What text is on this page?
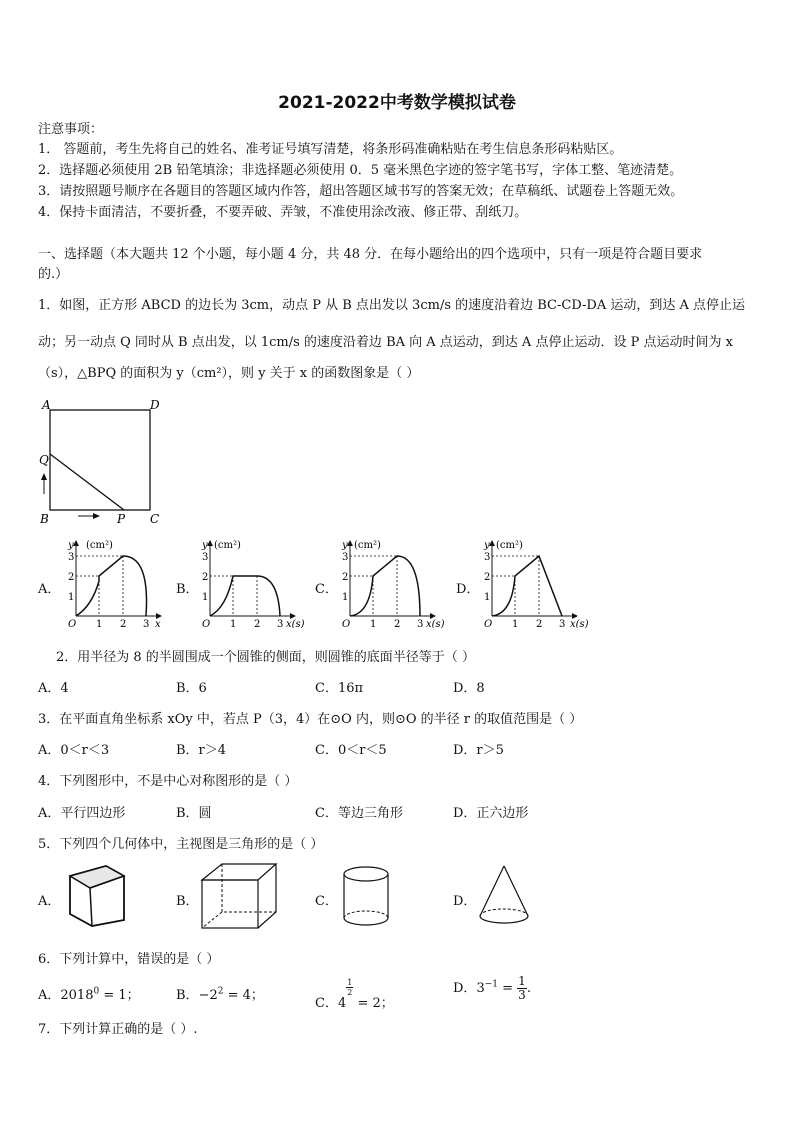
2021-2022中考数学模拟试卷
注意事项：
1． 答题前，考生先将自己的姓名、准考证号填写清楚，将条形码准确粘贴在考生信息条形码粘贴区。
2．选择题必须使用 2B 铅笔填涂；非选择题必须使用 0．5 毫米黑色字迹的签字笔书写，字体工整、笔迹清楚。
3．请按照题号顺序在各题目的答题区域内作答，超出答题区域书写的答案无效；在草稿纸、试题卷上答题无效。
4．保持卡面清洁，不要折叠，不要弄破、弄皱，不准使用涂改液、修正带、刮纸刀。
一、选择题（本大题共 12 个小题，每小题 4 分，共 48 分．在每小题给出的四个选项中，只有一项是符合题目要求
的.）
1．如图，正方形 ABCD 的边长为 3cm，动点 P 从 B 点出发以 3cm/s 的速度沿着边 BC-CD-DA 运动，到达 A 点停止运
动；另一动点 Q 同时从 B 点出发，以 1cm/s 的速度沿着边 BA 向 A 点运动，到达 A 点停止运动．设 P 点运动时间为 x
（s），△BPQ 的面积为 y（cm²），则 y 关于 x 的函数图象是（ ）
A	D
Q
B	P C
A．
y (cm²)
3
2
1
O 1 2 3 x
B．
y (cm²)
3
2
1
O 1 2 3 x(s)
C．
y (cm²)
3
2
1
O 1 2 3 x(s)
D．
y (cm²)
3
2
1
O 1 2 3 x(s)
2．用半径为 8 的半圆围成一个圆锥的侧面，则圆锥的底面半径等于（ ）
A．4	B．6	C．16π	D．8
3．在平面直角坐标系 xOy 中，若点 P（3，4）在⊙O 内，则⊙O 的半径 r 的取值范围是（ ）
A．0＜r＜3	B．r＞4	C．0＜r＜5	D．r＞5
4．下列图形中，不是中心对称图形的是（ ）
A．平行四边形	B．圆	C．等边三角形	D．正六边形
5．下列四个几何体中，主视图是三角形的是（ ）
A．	B．	C．	D．
6．下列计算中，错误的是（ ）
A．$2018^0 = 1$；	B．$-2^2 = 4$；
C．4
$\frac{1}{2}$
= 2；
D．$3^{-1} = \frac{1}{3}$ .
7．下列计算正确的是（ ）.
